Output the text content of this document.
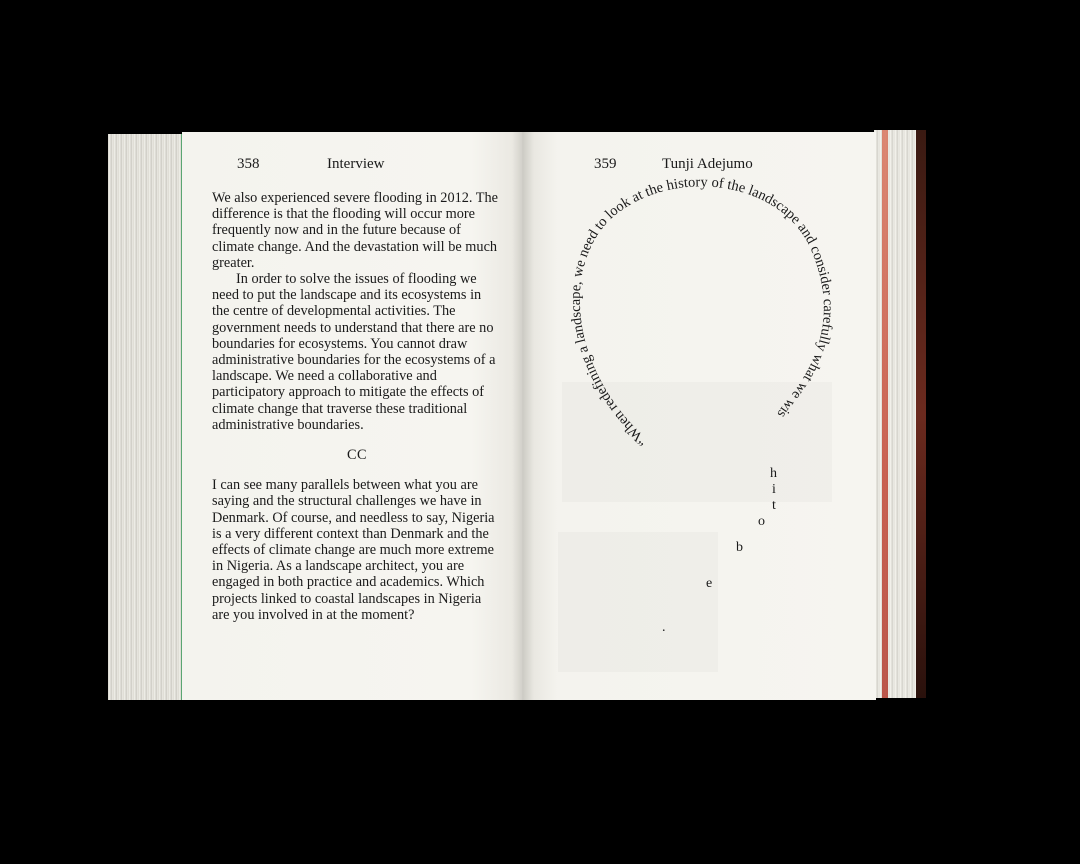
358	Interview

We also experienced severe flooding in 2012. The difference is that the flooding will occur more frequently now and in the future because of climate change. And the devastation will be much greater.

In order to solve the issues of flooding we need to put the landscape and its ecosystems in the centre of developmental activities. The government needs to understand that there are no boundaries for ecosystems. You cannot draw administrative boundaries for the ecosystems of a landscape. We need a collaborative and participatory approach to mitigate the effects of climate change that traverse these traditional administrative boundaries.

CC

I can see many parallels between what you are saying and the structural challenges we have in Denmark. Of course, and needless to say, Nigeria is a very different context than Denmark and the effects of climate change are much more extreme in Nigeria. As a landscape architect, you are engaged in both practice and academics. Which projects linked to coastal landscapes in Nigeria are you involved in at the moment?

359	Tunji Adejumo
“When redefining a landscape, we need to look at the history of the landscape and consider carefully what we wis
h
i
t
o
b
e
.
